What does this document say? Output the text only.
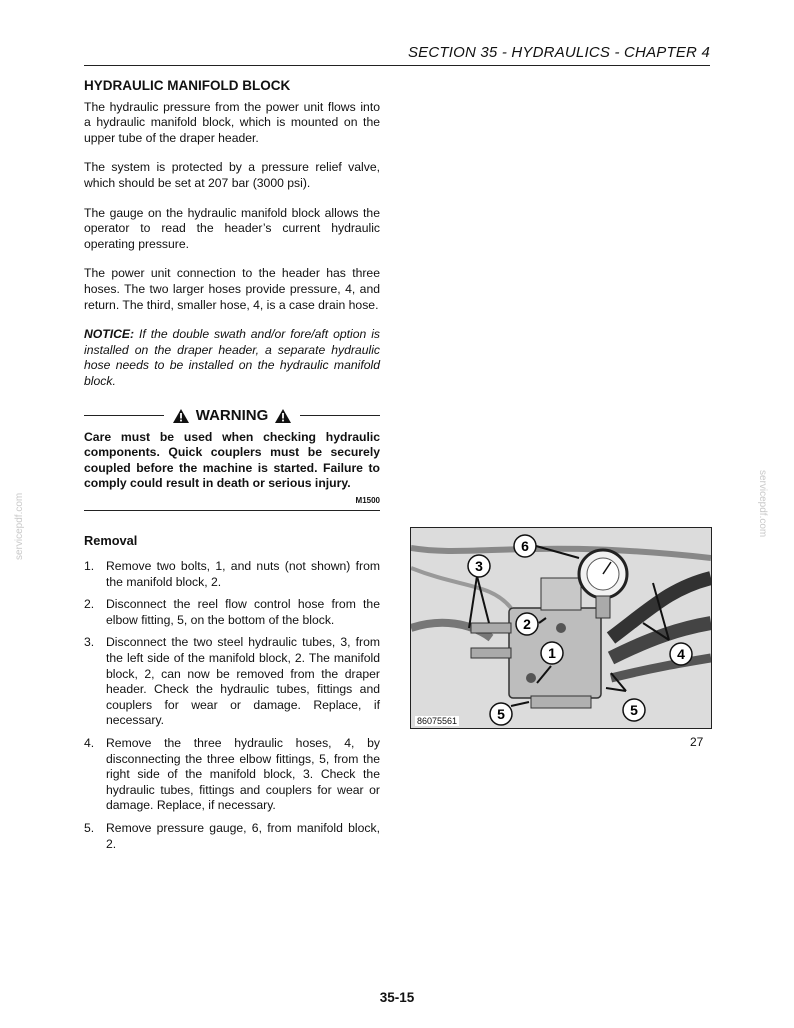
servicepdf.com	servicepdf.com
SECTION 35 - HYDRAULICS - CHAPTER 4
HYDRAULIC MANIFOLD BLOCK

The hydraulic pressure from the power unit flows into a hydraulic manifold block, which is mounted on the upper tube of the draper header.

The system is protected by a pressure relief valve, which should be set at 207 bar (3000 psi).

The gauge on the hydraulic manifold block allows the operator to read the header’s current hydraulic operating pressure.

The power unit connection to the header has three hoses. The two larger hoses provide pressure, 4, and return. The third, smaller hose, 4, is a case drain hose.

NOTICE: If the double swath and/or fore/aft option is installed on the draper header, a separate hydraulic hose needs to be installed on the hydraulic manifold block.

WARNING
Care must be used when checking hydraulic components. Quick couplers must be securely coupled before the machine is started. Failure to comply could result in death or serious injury.
M1500
Removal
1. Remove two bolts, 1, and nuts (not shown) from the manifold block, 2.
2. Disconnect the reel flow control hose from the elbow fitting, 5, on the bottom of the block.
3. Disconnect the two steel hydraulic tubes, 3, from the left side of the manifold block, 2. The manifold block, 2, can now be removed from the draper header. Check the hydraulic tubes, fittings and couplers for wear or damage. Replace, if necessary.
4. Remove the three hydraulic hoses, 4, by disconnecting the three elbow fittings, 5, from the right side of the manifold block, 3. Check the hydraulic tubes, fittings and couplers for wear or damage. Replace, if necessary.
5. Remove pressure gauge, 6, from manifold block, 2.
3
2
1
6
4
5	5
86075561
27
35-15
